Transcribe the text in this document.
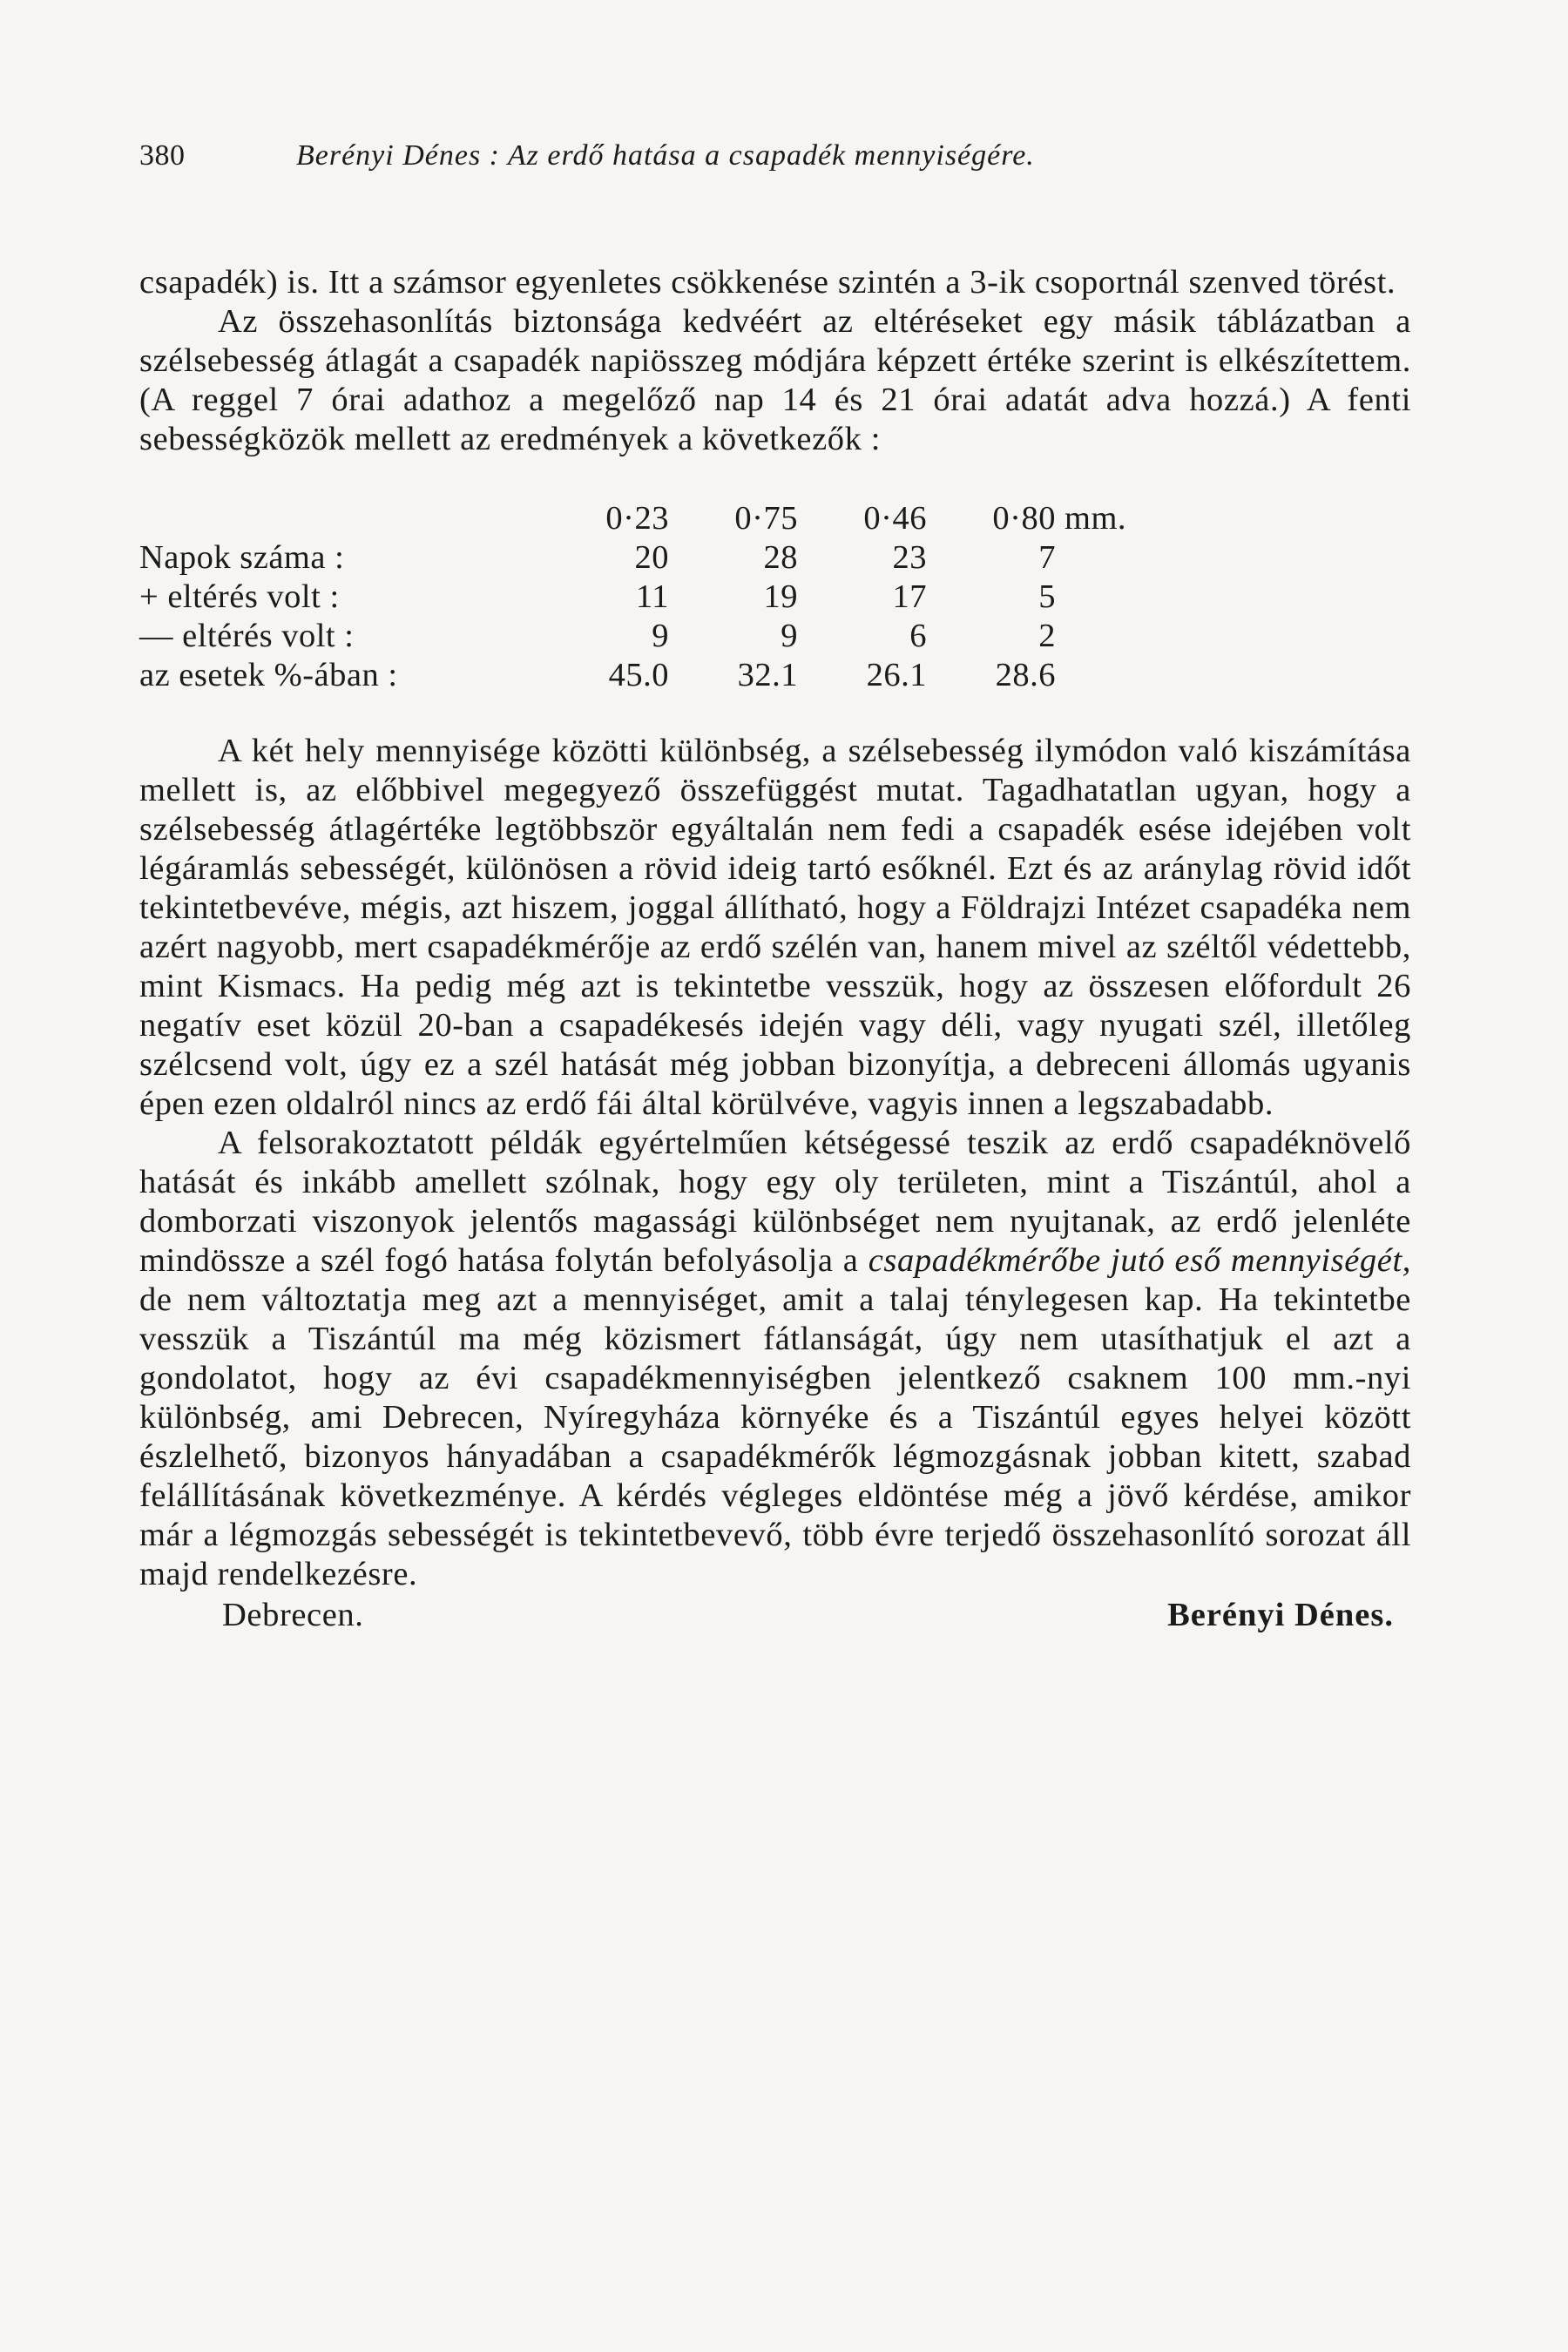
380	Berényi Dénes : Az erdő hatása a csapadék mennyiségére.

csapadék) is. Itt a számsor egyenletes csökkenése szintén a 3-ik csoportnál szenved törést.

Az összehasonlítás biztonsága kedvéért az eltéréseket egy másik táblázatban a szélsebesség átlagát a csapadék napiösszeg módjára képzett értéke szerint is elkészítettem. (A reggel 7 órai adathoz a megelőző nap 14 és 21 órai adatát adva hozzá.) A fenti sebességközök mellett az eredmények a következők :

	0·23	0·75	0·46	0·80	mm.
Napok száma :	20	28	23	7	
+ eltérés volt :	11	19	17	5	
— eltérés volt :	9	9	6	2	
az esetek %-ában :	45.0	32.1	26.1	28.6	

A két hely mennyisége közötti különbség, a szélsebesség ilymódon való kiszámítása mellett is, az előbbivel megegyező összefüggést mutat. Tagadhatatlan ugyan, hogy a szélsebesség átlagértéke legtöbbször egyáltalán nem fedi a csapadék esése idejében volt légáramlás sebességét, különösen a rövid ideig tartó esőknél. Ezt és az aránylag rövid időt tekintetbevéve, mégis, azt hiszem, joggal állítható, hogy a Földrajzi Intézet csapadéka nem azért nagyobb, mert csapadékmérője az erdő szélén van, hanem mivel az széltől védettebb, mint Kismacs. Ha pedig még azt is tekintetbe vesszük, hogy az összesen előfordult 26 negatív eset közül 20-ban a csapadékesés idején vagy déli, vagy nyugati szél, illetőleg szélcsend volt, úgy ez a szél hatását még jobban bizonyítja, a debreceni állomás ugyanis épen ezen oldalról nincs az erdő fái által körülvéve, vagyis innen a legszabadabb.

A felsorakoztatott példák egyértelműen kétségessé teszik az erdő csapadéknövelő hatását és inkább amellett szólnak, hogy egy oly területen, mint a Tiszántúl, ahol a domborzati viszonyok jelentős magassági különbséget nem nyujtanak, az erdő jelenléte mindössze a szél fogó hatása folytán befolyásolja a csapadékmérőbe jutó eső mennyiségét, de nem változtatja meg azt a mennyiséget, amit a talaj ténylegesen kap. Ha tekintetbe vesszük a Tiszántúl ma még közismert fátlanságát, úgy nem utasíthatjuk el azt a gondolatot, hogy az évi csapadékmennyiségben jelentkező csaknem 100 mm.-nyi különbség, ami Debrecen, Nyíregyháza környéke és a Tiszántúl egyes helyei között észlelhető, bizonyos hányadában a csapadékmérők légmozgásnak jobban kitett, szabad felállításának következménye. A kérdés végleges eldöntése még a jövő kérdése, amikor már a légmozgás sebességét is tekintetbevevő, több évre terjedő összehasonlító sorozat áll majd rendelkezésre.

Debrecen.	Berényi Dénes.
